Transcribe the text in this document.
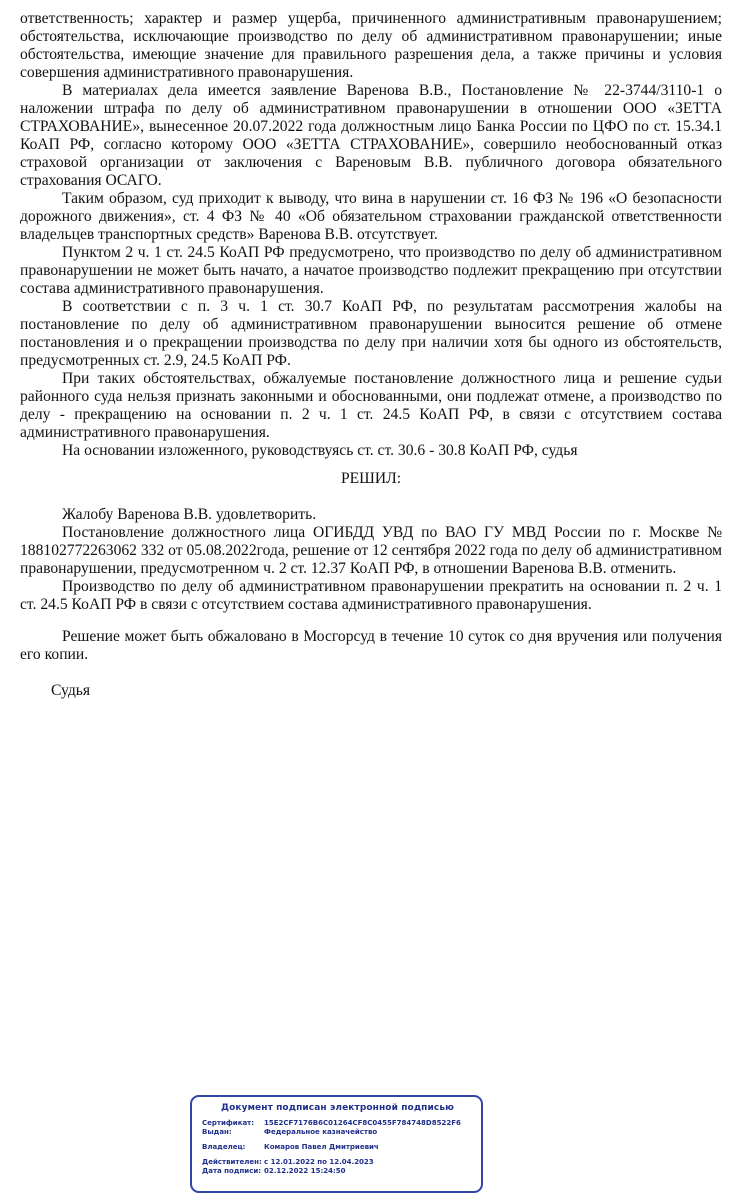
ответственность; характер и размер ущерба, причиненного административным правонарушением; обстоятельства, исключающие производство по делу об административном правонарушении; иные обстоятельства, имеющие значение для правильного разрешения дела, а также причины и условия совершения административного правонарушения.

В материалах дела имеется заявление Варенова В.В., Постановление № 22-3744/3110-1 о наложении штрафа по делу об административном правонарушении в отношении ООО «ЗЕТТА СТРАХОВАНИЕ», вынесенное 20.07.2022 года должностным лицо Банка России по ЦФО по ст. 15.34.1 КоАП РФ, согласно которому ООО «ЗЕТТА СТРАХОВАНИЕ», совершило необоснованный отказ страховой организации от заключения с Вареновым В.В. публичного договора обязательного страхования ОСАГО.

Таким образом, суд приходит к выводу, что вина в нарушении ст. 16 ФЗ № 196 «О безопасности дорожного движения», ст. 4 ФЗ № 40 «Об обязательном страховании гражданской ответственности владельцев транспортных средств» Варенова В.В. отсутствует.

Пунктом 2 ч. 1 ст. 24.5 КоАП РФ предусмотрено, что производство по делу об административном правонарушении не может быть начато, а начатое производство подлежит прекращению при отсутствии состава административного правонарушения.

В соответствии с п. 3 ч. 1 ст. 30.7 КоАП РФ, по результатам рассмотрения жалобы на постановление по делу об административном правонарушении выносится решение об отмене постановления и о прекращении производства по делу при наличии хотя бы одного из обстоятельств, предусмотренных ст. 2.9, 24.5 КоАП РФ.

При таких обстоятельствах, обжалуемые постановление должностного лица и решение судьи районного суда нельзя признать законными и обоснованными, они подлежат отмене, а производство по делу - прекращению на основании п. 2 ч. 1 ст. 24.5 КоАП РФ, в связи с отсутствием состава административного правонарушения.

На основании изложенного, руководствуясь ст. ст. 30.6 - 30.8 КоАП РФ, судья

РЕШИЛ:

Жалобу Варенова В.В. удовлетворить.

Постановление должностного лица ОГИБДД УВД по ВАО ГУ МВД России по г. Москве № 188102772263062 332 от 05.08.2022года, решение от 12 сентября 2022 года по делу об административном правонарушении, предусмотренном ч. 2 ст. 12.37 КоАП РФ, в отношении Варенова В.В. отменить.

Производство по делу об административном правонарушении прекратить на основании п. 2 ч. 1 ст. 24.5 КоАП РФ в связи с отсутствием состава административного правонарушения.

Решение может быть обжаловано в Мосгорсуд в течение 10 суток со дня вручения или получения его копии.

Судья

Документ подписан электронной подписью
Сертификат:	15E2CF7176B6C01264CF8C0455F784748D8522F6
Выдан:	Федеральное казначейство
Владелец:	Комаров Павел Дмитриевич
Действителен: с 12.01.2022 по 12.04.2023
Дата подписи: 02.12.2022 15:24:50
